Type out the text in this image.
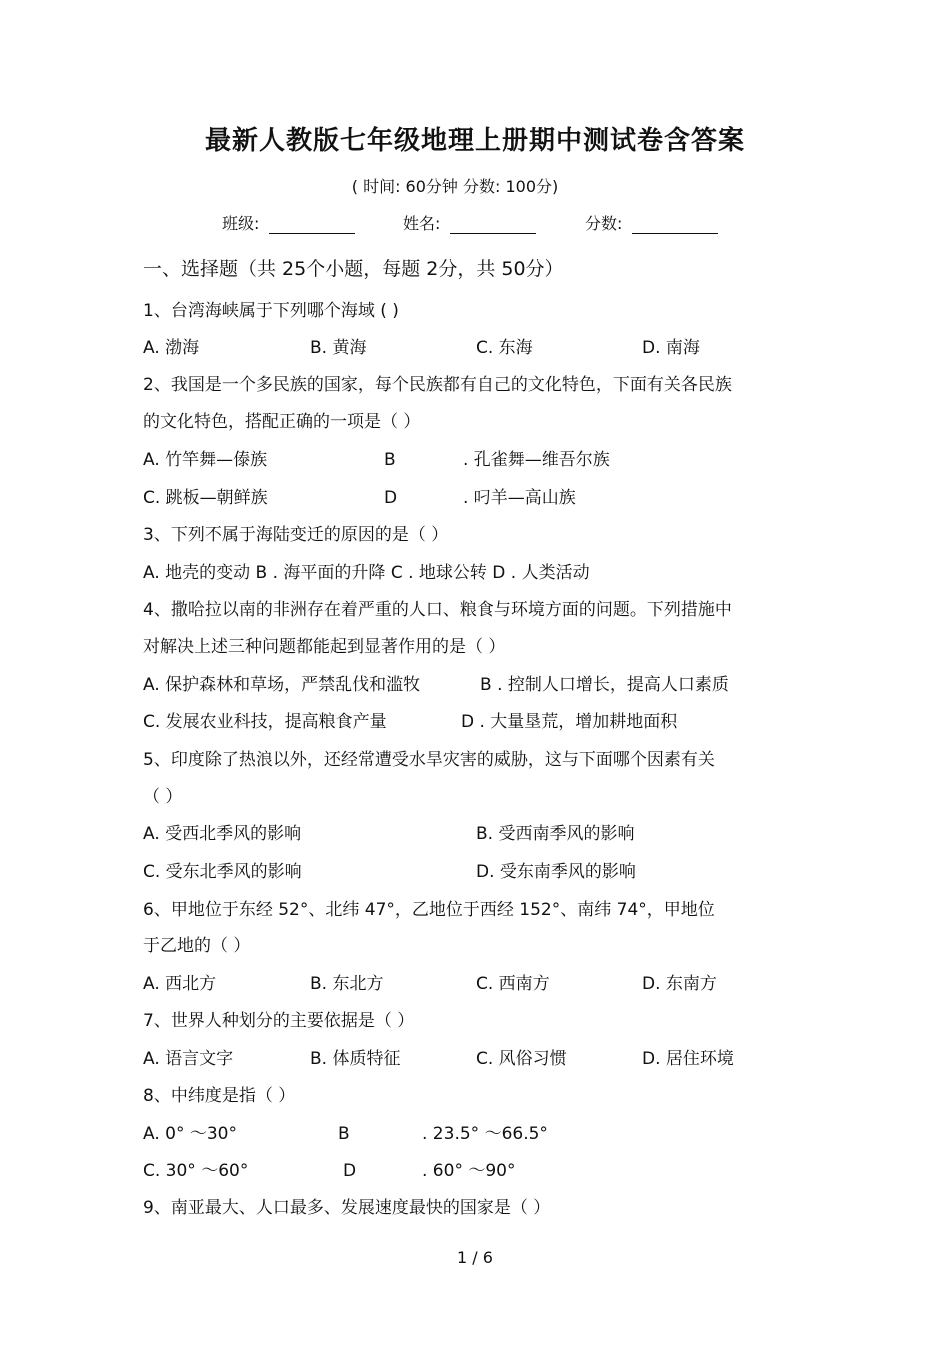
最新人教版七年级地理上册期中测试卷含答案
( 时间: 60分钟 分数: 100分)
班级:	姓名:	分数:
一、选择题（共 25个小题，每题 2分，共 50分）
1、台湾海峡属于下列哪个海域 ( )
A. 渤海	B. 黄海	C. 东海	D. 南海
2、我国是一个多民族的国家，每个民族都有自己的文化特色，下面有关各民族
的文化特色，搭配正确的一项是（ ）
A. 竹竿舞—傣族	B	. 孔雀舞—维吾尔族
C. 跳板—朝鲜族	D	. 叼羊—高山族
3、下列不属于海陆变迁的原因的是（ ）
A. 地壳的变动 B . 海平面的升降 C . 地球公转 D . 人类活动
4、撒哈拉以南的非洲存在着严重的人口、粮食与环境方面的问题。下列措施中
对解决上述三种问题都能起到显著作用的是（ ）
A. 保护森林和草场，严禁乱伐和滥牧	B . 控制人口增长，提高人口素质
C. 发展农业科技，提高粮食产量	D . 大量垦荒，增加耕地面积
5、印度除了热浪以外，还经常遭受水旱灾害的威胁，这与下面哪个因素有关
（ ）
A. 受西北季风的影响	B. 受西南季风的影响
C. 受东北季风的影响	D. 受东南季风的影响
6、甲地位于东经 52°、北纬 47°，乙地位于西经 152°、南纬 74°，甲地位
于乙地的（ ）
A. 西北方	B. 东北方	C. 西南方	D. 东南方
7、世界人种划分的主要依据是（ ）
A. 语言文字	B. 体质特征	C. 风俗习惯	D. 居住环境
8、中纬度是指（ ）
A. 0° ～30°	B	. 23.5° ～66.5°
C. 30° ～60°	D	. 60° ～90°
9、南亚最大、人口最多、发展速度最快的国家是（ ）
1 / 6
